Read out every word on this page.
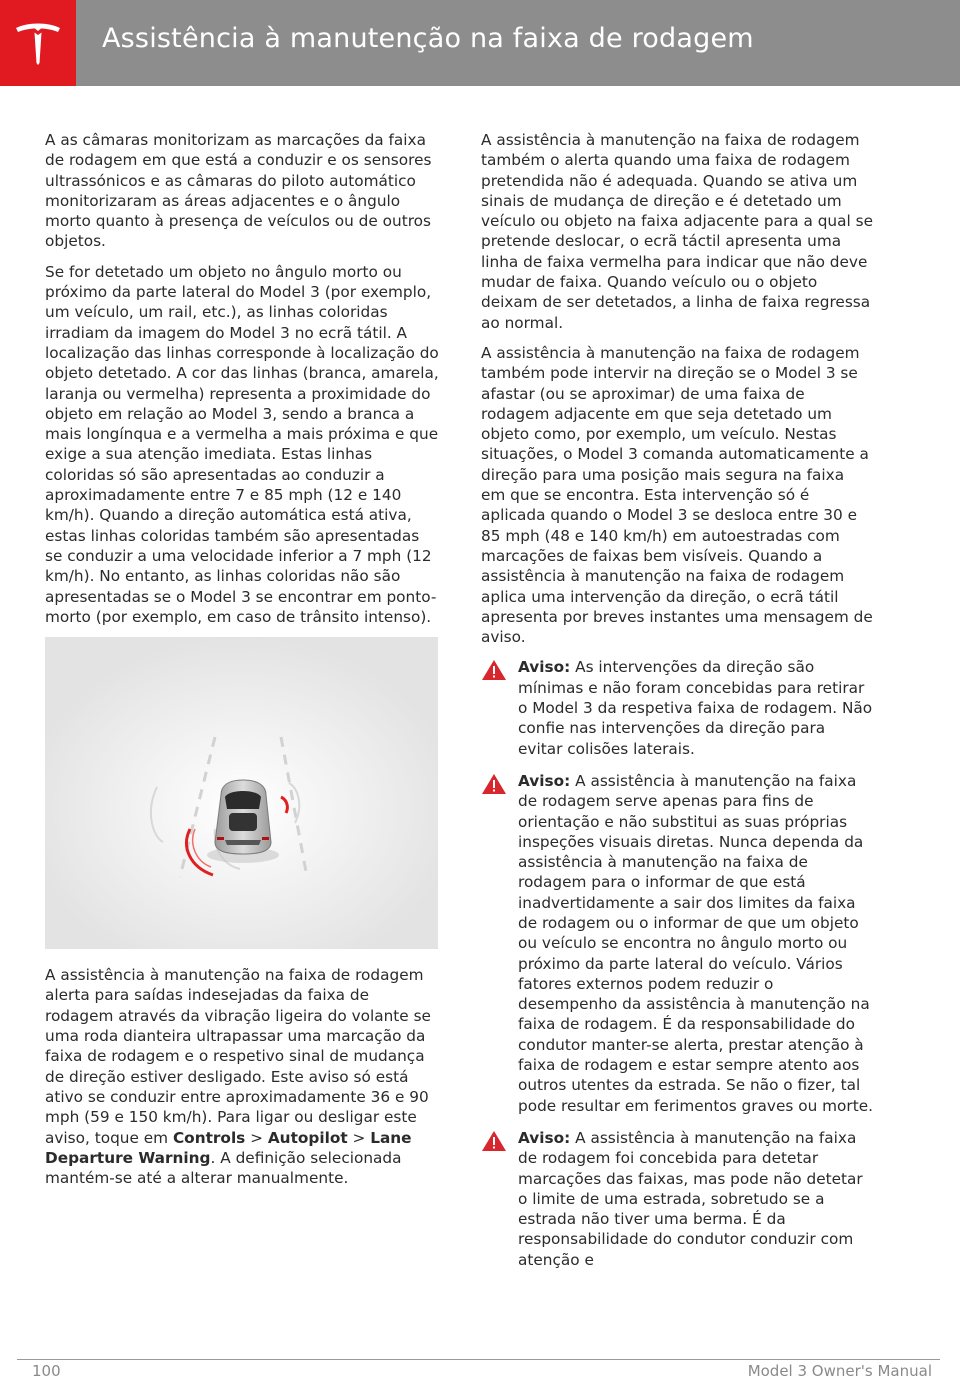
Assistência à manutenção na faixa de rodagem

A as câmaras monitorizam as marcações da faixa de rodagem em que está a conduzir e os sensores ultrassónicos e as câmaras do piloto automático monitorizaram as áreas adjacentes e o ângulo morto quanto à presença de veículos ou de outros objetos.

Se for detetado um objeto no ângulo morto ou próximo da parte lateral do Model 3 (por exemplo, um veículo, um rail, etc.), as linhas coloridas irradiam da imagem do Model 3 no ecrã tátil. A localização das linhas corresponde à localização do objeto detetado. A cor das linhas (branca, amarela, laranja ou vermelha) representa a proximidade do objeto em relação ao Model 3, sendo a branca a mais longínqua e a vermelha a mais próxima e que exige a sua atenção imediata. Estas linhas coloridas só são apresentadas ao conduzir a aproximadamente entre 7 e 85 mph (12 e 140 km/h). Quando a direção automática está ativa, estas linhas coloridas também são apresentadas se conduzir a uma velocidade inferior a 7 mph (12 km/h). No entanto, as linhas coloridas não são apresentadas se o Model 3 se encontrar em ponto-morto (por exemplo, em caso de trânsito intenso).

A assistência à manutenção na faixa de rodagem alerta para saídas indesejadas da faixa de rodagem através da vibração ligeira do volante se uma roda dianteira ultrapassar uma marcação da faixa de rodagem e o respetivo sinal de mudança de direção estiver desligado. Este aviso só está ativo se conduzir entre aproximadamente 36 e 90 mph (59 e 150 km/h). Para ligar ou desligar este aviso, toque em Controls > Autopilot > Lane Departure Warning. A definição selecionada mantém-se até a alterar manualmente.

A assistência à manutenção na faixa de rodagem também o alerta quando uma faixa de rodagem pretendida não é adequada. Quando se ativa um sinais de mudança de direção e é detetado um veículo ou objeto na faixa adjacente para a qual se pretende deslocar, o ecrã táctil apresenta uma linha de faixa vermelha para indicar que não deve mudar de faixa. Quando veículo ou o objeto deixam de ser detetados, a linha de faixa regressa ao normal.

A assistência à manutenção na faixa de rodagem também pode intervir na direção se o Model 3 se afastar (ou se aproximar) de uma faixa de rodagem adjacente em que seja detetado um objeto como, por exemplo, um veículo. Nestas situações, o Model 3 comanda automaticamente a direção para uma posição mais segura na faixa em que se encontra. Esta intervenção só é aplicada quando o Model 3 se desloca entre 30 e 85 mph (48 e 140 km/h) em autoestradas com marcações de faixas bem visíveis. Quando a assistência à manutenção na faixa de rodagem aplica uma intervenção da direção, o ecrã tátil apresenta por breves instantes uma mensagem de aviso.

Aviso: As intervenções da direção são mínimas e não foram concebidas para retirar o Model 3 da respetiva faixa de rodagem. Não confie nas intervenções da direção para evitar colisões laterais.
Aviso: A assistência à manutenção na faixa de rodagem serve apenas para fins de orientação e não substitui as suas próprias inspeções visuais diretas. Nunca dependa da assistência à manutenção na faixa de rodagem para o informar de que está inadvertidamente a sair dos limites da faixa de rodagem ou o informar de que um objeto ou veículo se encontra no ângulo morto ou próximo da parte lateral do veículo. Vários fatores externos podem reduzir o desempenho da assistência à manutenção na faixa de rodagem. É da responsabilidade do condutor manter-se alerta, prestar atenção à faixa de rodagem e estar sempre atento aos outros utentes da estrada. Se não o fizer, tal pode resultar em ferimentos graves ou morte.
Aviso: A assistência à manutenção na faixa de rodagem foi concebida para detetar marcações das faixas, mas pode não detetar o limite de uma estrada, sobretudo se a estrada não tiver uma berma. É da responsabilidade do condutor conduzir com atenção e
100	Model 3 Owner's Manual
